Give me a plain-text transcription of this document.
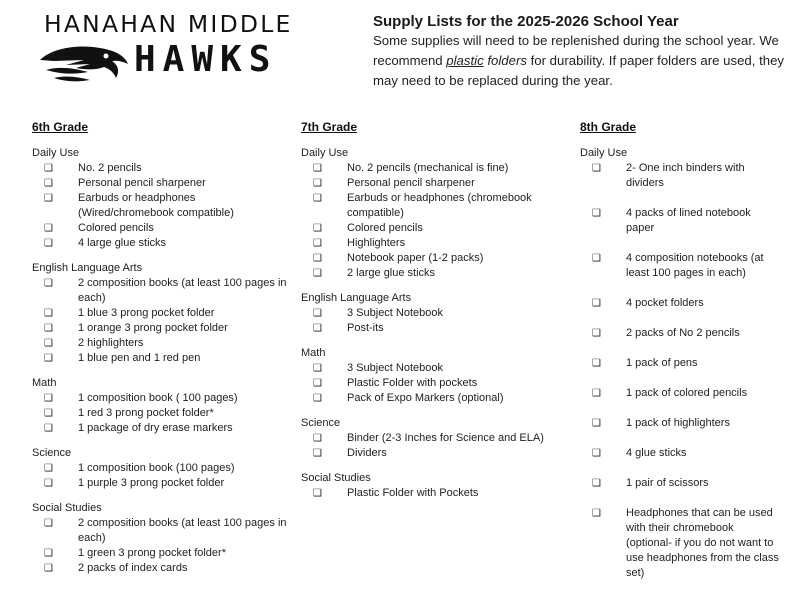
HANAHAN MIDDLE
HAWKS
Supply Lists for the 2025-2026 School Year
Some supplies will need to be replenished during the school year. We recommend plastic folders for durability. If paper folders are used, they may need to be replaced during the year.
6th Grade
Daily Use
❑ No. 2 pencils
❑ Personal pencil sharpener
❑ Earbuds or headphones (Wired/chromebook compatible)
❑ Colored pencils
❑ 4 large glue sticks
English Language Arts
❑ 2 composition books (at least 100 pages in each)
❑ 1 blue 3 prong pocket folder
❑ 1 orange 3 prong pocket folder
❑ 2 highlighters
❑ 1 blue pen and 1 red pen
Math
❑ 1 composition book ( 100 pages)
❑ 1 red 3 prong pocket folder*
❑ 1 package of dry erase markers
Science
❑ 1 composition book (100 pages)
❑ 1 purple 3 prong pocket folder
Social Studies
❑ 2 composition books (at least 100 pages in each)
❑ 1 green 3 prong pocket folder*
❑ 2 packs of index cards
7th Grade
Daily Use
❑ No. 2 pencils (mechanical is fine)
❑ Personal pencil sharpener
❑ Earbuds or headphones (chromebook compatible)
❑ Colored pencils
❑ Highlighters
❑ Notebook paper (1-2 packs)
❑ 2 large glue sticks
English Language Arts
❑ 3 Subject Notebook
❑ Post-its
Math
❑ 3 Subject Notebook
❑ Plastic Folder with pockets
❑ Pack of Expo Markers (optional)
Science
❑ Binder (2-3 Inches for Science and ELA)
❑ Dividers
Social Studies
❑ Plastic Folder with Pockets
8th Grade
Daily Use
❑ 2- One inch binders with dividers
❑ 4 packs of lined notebook paper
❑ 4 composition notebooks (at least 100 pages in each)
❑ 4 pocket folders
❑ 2 packs of No 2 pencils
❑ 1 pack of pens
❑ 1 pack of colored pencils
❑ 1 pack of highlighters
❑ 4 glue sticks
❑ 1 pair of scissors
❑ Headphones that can be used with their chromebook (optional- if you do not want to use headphones from the class set)
